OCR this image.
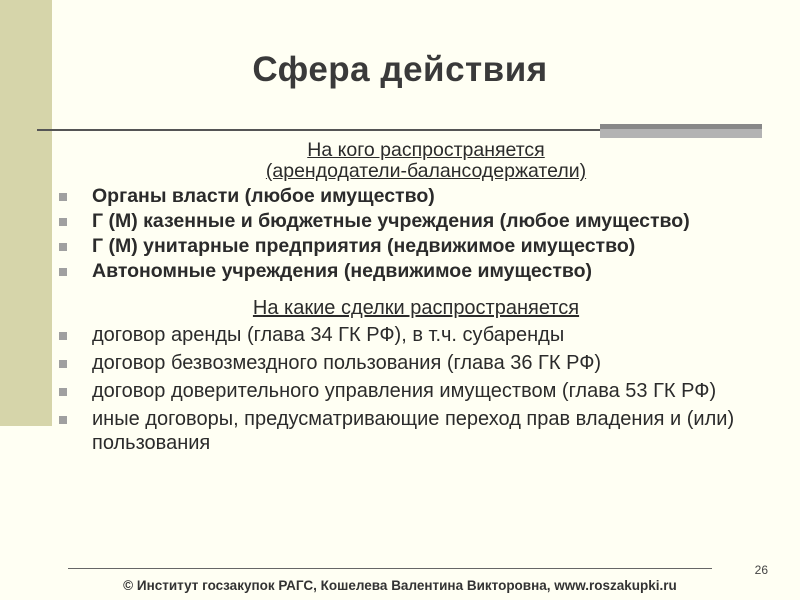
Сфера действия
На кого распространяется
(арендодатели-балансодержатели)
Органы власти (любое имущество)
Г (М) казенные и бюджетные учреждения (любое имущество)
Г (М) унитарные предприятия (недвижимое имущество)
Автономные учреждения (недвижимое имущество)
На какие сделки распространяется
договор аренды (глава 34 ГК РФ), в т.ч. субаренды
договор безвозмездного пользования (глава 36 ГК РФ)
договор доверительного управления имуществом (глава 53 ГК РФ)
иные договоры, предусматривающие переход прав владения и (или) пользования
26
© Институт госзакупок РАГС, Кошелева Валентина Викторовна, www.roszakupki.ru
